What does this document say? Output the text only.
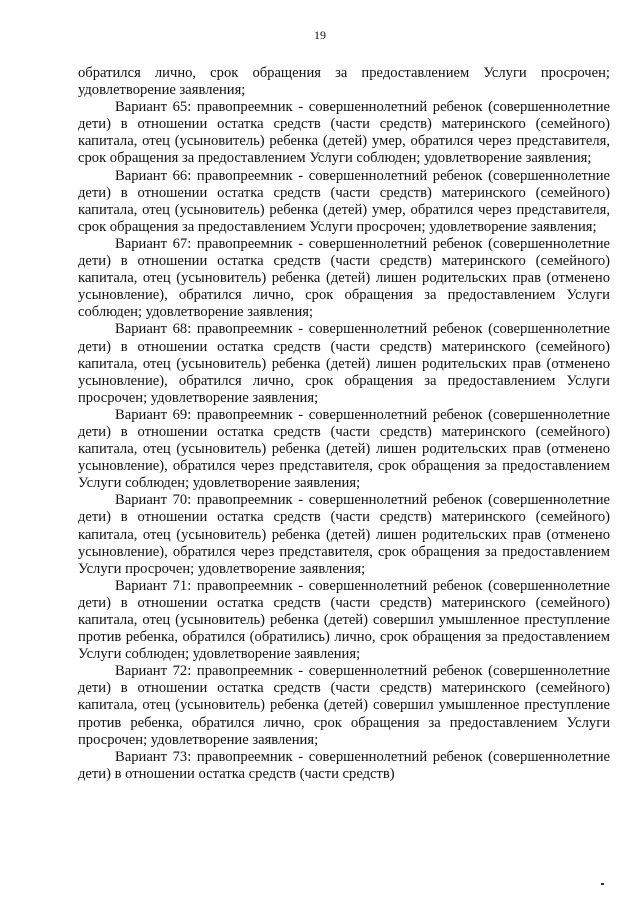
19

обратился лично, срок обращения за предоставлением Услуги просрочен; удовлетворение заявления;

Вариант 65: правопреемник - совершеннолетний ребенок (совершеннолетние дети) в отношении остатка средств (части средств) материнского (семейного) капитала, отец (усыновитель) ребенка (детей) умер, обратился через представителя, срок обращения за предоставлением Услуги соблюден; удовлетворение заявления;

Вариант 66: правопреемник - совершеннолетний ребенок (совершеннолетние дети) в отношении остатка средств (части средств) материнского (семейного) капитала, отец (усыновитель) ребенка (детей) умер, обратился через представителя, срок обращения за предоставлением Услуги просрочен; удовлетворение заявления;

Вариант 67: правопреемник - совершеннолетний ребенок (совершеннолетние дети) в отношении остатка средств (части средств) материнского (семейного) капитала, отец (усыновитель) ребенка (детей) лишен родительских прав (отменено усыновление), обратился лично, срок обращения за предоставлением Услуги соблюден; удовлетворение заявления;

Вариант 68: правопреемник - совершеннолетний ребенок (совершеннолетние дети) в отношении остатка средств (части средств) материнского (семейного) капитала, отец (усыновитель) ребенка (детей) лишен родительских прав (отменено усыновление), обратился лично, срок обращения за предоставлением Услуги просрочен; удовлетворение заявления;

Вариант 69: правопреемник - совершеннолетний ребенок (совершеннолетние дети) в отношении остатка средств (части средств) материнского (семейного) капитала, отец (усыновитель) ребенка (детей) лишен родительских прав (отменено усыновление), обратился через представителя, срок обращения за предоставлением Услуги соблюден; удовлетворение заявления;

Вариант 70: правопреемник - совершеннолетний ребенок (совершеннолетние дети) в отношении остатка средств (части средств) материнского (семейного) капитала, отец (усыновитель) ребенка (детей) лишен родительских прав (отменено усыновление), обратился через представителя, срок обращения за предоставлением Услуги просрочен; удовлетворение заявления;

Вариант 71: правопреемник - совершеннолетний ребенок (совершеннолетние дети) в отношении остатка средств (части средств) материнского (семейного) капитала, отец (усыновитель) ребенка (детей) совершил умышленное преступление против ребенка, обратился (обратились) лично, срок обращения за предоставлением Услуги соблюден; удовлетворение заявления;

Вариант 72: правопреемник - совершеннолетний ребенок (совершеннолетние дети) в отношении остатка средств (части средств) материнского (семейного) капитала, отец (усыновитель) ребенка (детей) совершил умышленное преступление против ребенка, обратился лично, срок обращения за предоставлением Услуги просрочен; удовлетворение заявления;

Вариант 73: правопреемник - совершеннолетний ребенок (совершеннолетние дети) в отношении остатка средств (части средств)
